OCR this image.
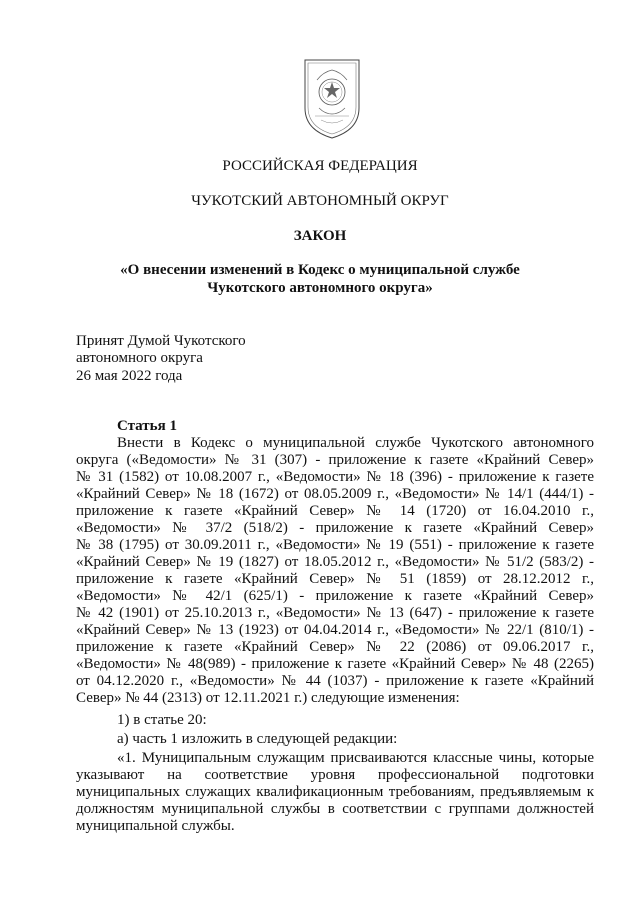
РОССИЙСКАЯ ФЕДЕРАЦИЯ
ЧУКОТСКИЙ АВТОНОМНЫЙ ОКРУГ
ЗАКОН
«О внесении изменений в Кодекс о муниципальной службе
Чукотского автономного округа»
Принят Думой Чукотского
автономного округа
26 мая 2022 года
Статья 1
Внести в Кодекс о муниципальной службе Чукотского автономного
округа («Ведомости» № 31 (307) - приложение к газете «Крайний Север»
№ 31 (1582) от 10.08.2007 г., «Ведомости» № 18 (396) - приложение к газете
«Крайний Север» № 18 (1672) от 08.05.2009 г., «Ведомости» № 14/1 (444/1) -
приложение к газете «Крайний Север» № 14 (1720) от 16.04.2010 г.,
«Ведомости» № 37/2 (518/2) - приложение к газете «Крайний Север»
№ 38 (1795) от 30.09.2011 г., «Ведомости» № 19 (551) - приложение к газете
«Крайний Север» № 19 (1827) от 18.05.2012 г., «Ведомости» № 51/2 (583/2) -
приложение к газете «Крайний Север» № 51 (1859) от 28.12.2012 г.,
«Ведомости» № 42/1 (625/1) - приложение к газете «Крайний Север»
№ 42 (1901) от 25.10.2013 г., «Ведомости» № 13 (647) - приложение к газете
«Крайний Север» № 13 (1923) от 04.04.2014 г., «Ведомости» № 22/1 (810/1) -
приложение к газете «Крайний Север» № 22 (2086) от 09.06.2017 г.,
«Ведомости» № 48(989) - приложение к газете «Крайний Север» № 48 (2265)
от 04.12.2020 г., «Ведомости» № 44 (1037) - приложение к газете «Крайний
Север» № 44 (2313) от 12.11.2021 г.) следующие изменения:
1) в статье 20:
а) часть 1 изложить в следующей редакции:
«1. Муниципальным служащим присваиваются классные чины, которые
указывают на соответствие уровня профессиональной подготовки
муниципальных служащих квалификационным требованиям, предъявляемым к
должностям муниципальной службы в соответствии с группами должностей
муниципальной службы.
